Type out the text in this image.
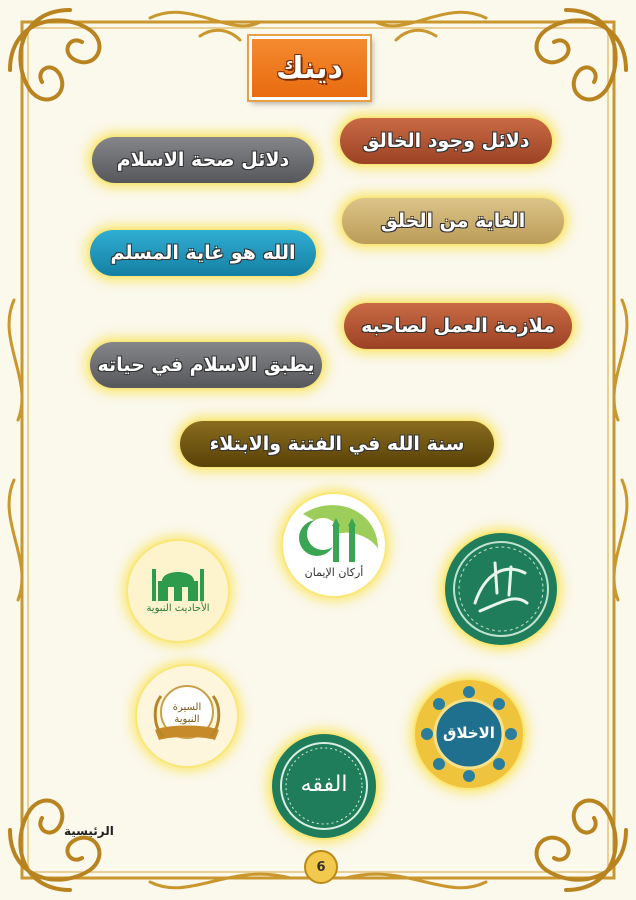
دينك
دلائل وجود الخالق
دلائل صحة الاسلام
الغاية من الخلق
الله هو غاية المسلم
ملازمة العمل لصاحبه
يطبق الاسلام في حياته
سنة الله في الفتنة والابتلاء
أركان الإيمان
الأحاديث النبوية
السيرة
النبوية
الاخلاق
الفقه
الرئيسية
6
